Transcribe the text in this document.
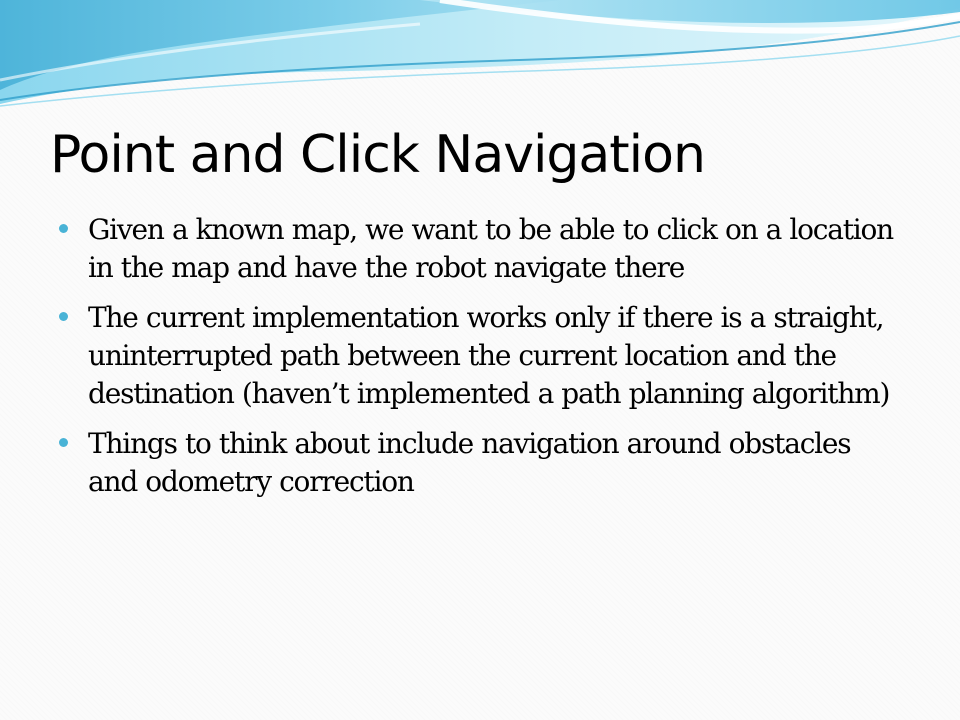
Point and Click Navigation
Given a known map, we want to be able to click on a location in the map and have the robot navigate there
The current implementation works only if there is a straight, uninterrupted path between the current location and the destination (haven’t implemented a path planning algorithm)
Things to think about include navigation around obstacles and odometry correction
